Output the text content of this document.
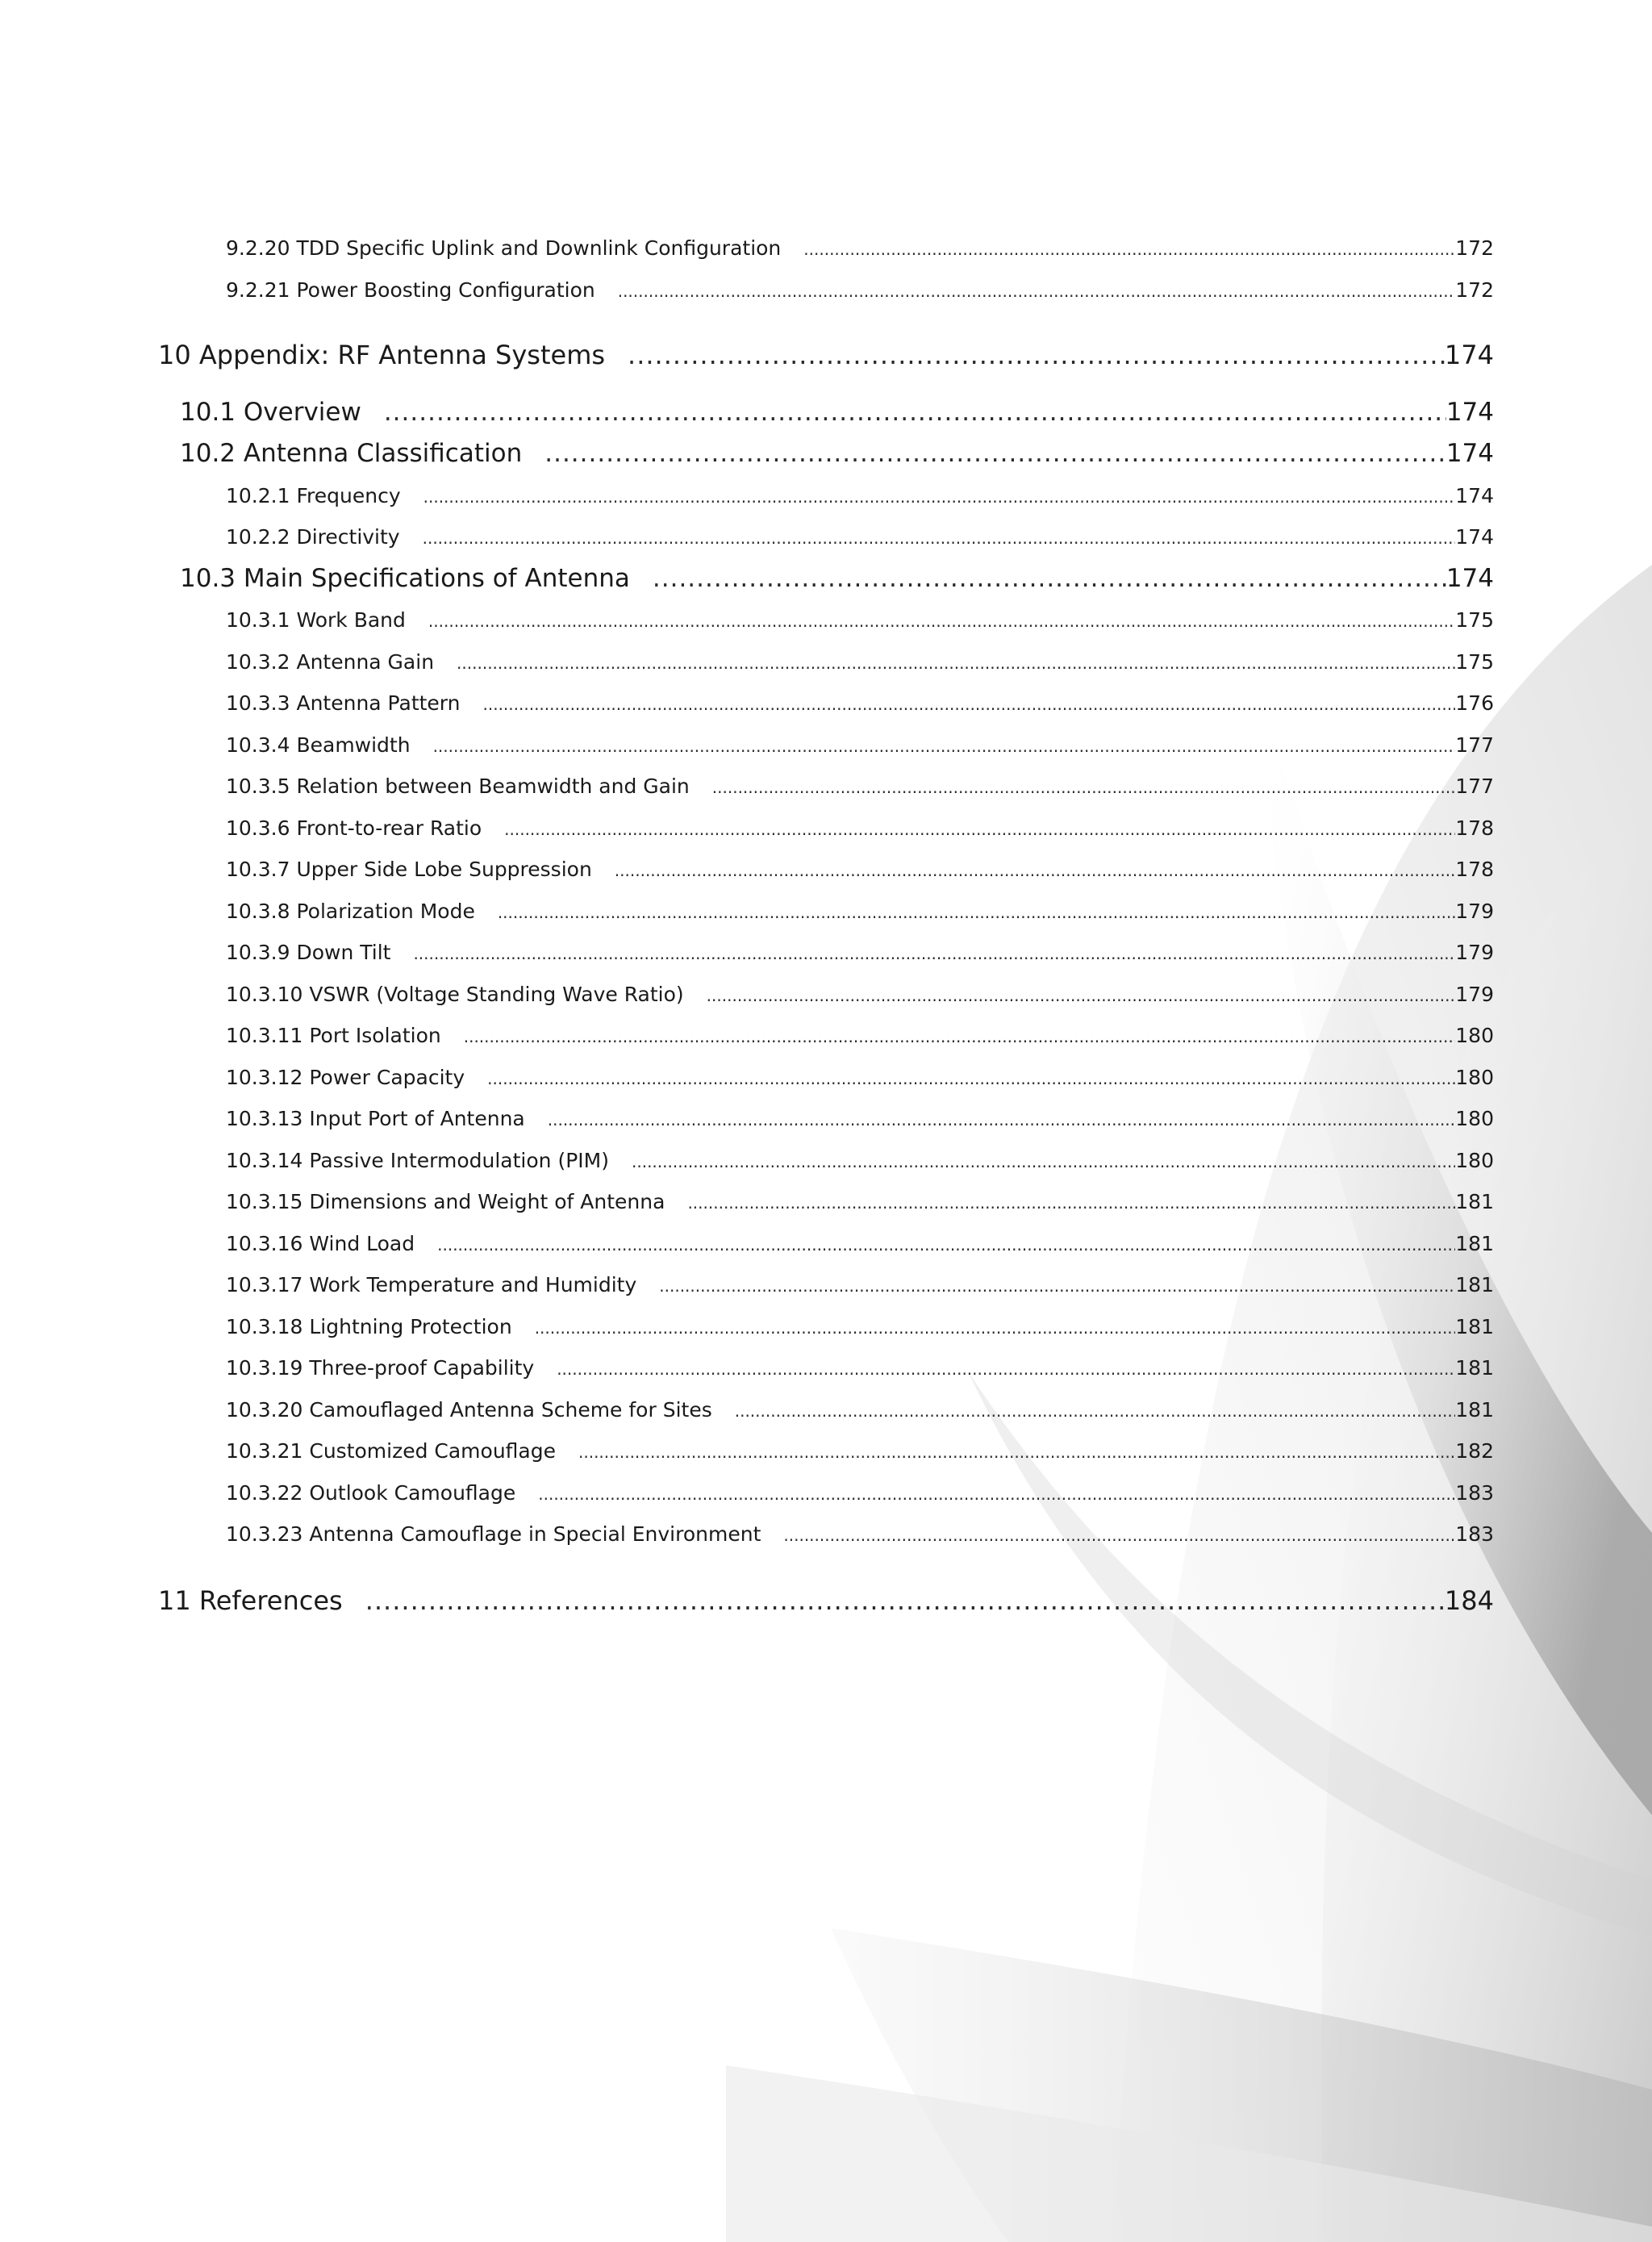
9.2.20 TDD Specific Uplink and Downlink Configuration .....	172
9.2.21 Power Boosting Configuration .....	172
10 Appendix: RF Antenna Systems .....	174
10.1 Overview .....	174
10.2 Antenna Classification .....	174
10.2.1 Frequency .....	174
10.2.2 Directivity .....	174
10.3 Main Specifications of Antenna .....	174
10.3.1 Work Band .....	175
10.3.2 Antenna Gain .....	175
10.3.3 Antenna Pattern .....	176
10.3.4 Beamwidth .....	177
10.3.5 Relation between Beamwidth and Gain .....	177
10.3.6 Front-to-rear Ratio .....	178
10.3.7 Upper Side Lobe Suppression .....	178
10.3.8 Polarization Mode .....	179
10.3.9 Down Tilt .....	179
10.3.10 VSWR (Voltage Standing Wave Ratio) .....	179
10.3.11 Port Isolation .....	180
10.3.12 Power Capacity .....	180
10.3.13 Input Port of Antenna .....	180
10.3.14 Passive Intermodulation (PIM) .....	180
10.3.15 Dimensions and Weight of Antenna .....	181
10.3.16 Wind Load .....	181
10.3.17 Work Temperature and Humidity .....	181
10.3.18 Lightning Protection .....	181
10.3.19 Three-proof Capability .....	181
10.3.20 Camouflaged Antenna Scheme for Sites .....	181
10.3.21 Customized Camouflage .....	182
10.3.22 Outlook Camouflage .....	183
10.3.23 Antenna Camouflage in Special Environment .....	183
11 References .....	184
